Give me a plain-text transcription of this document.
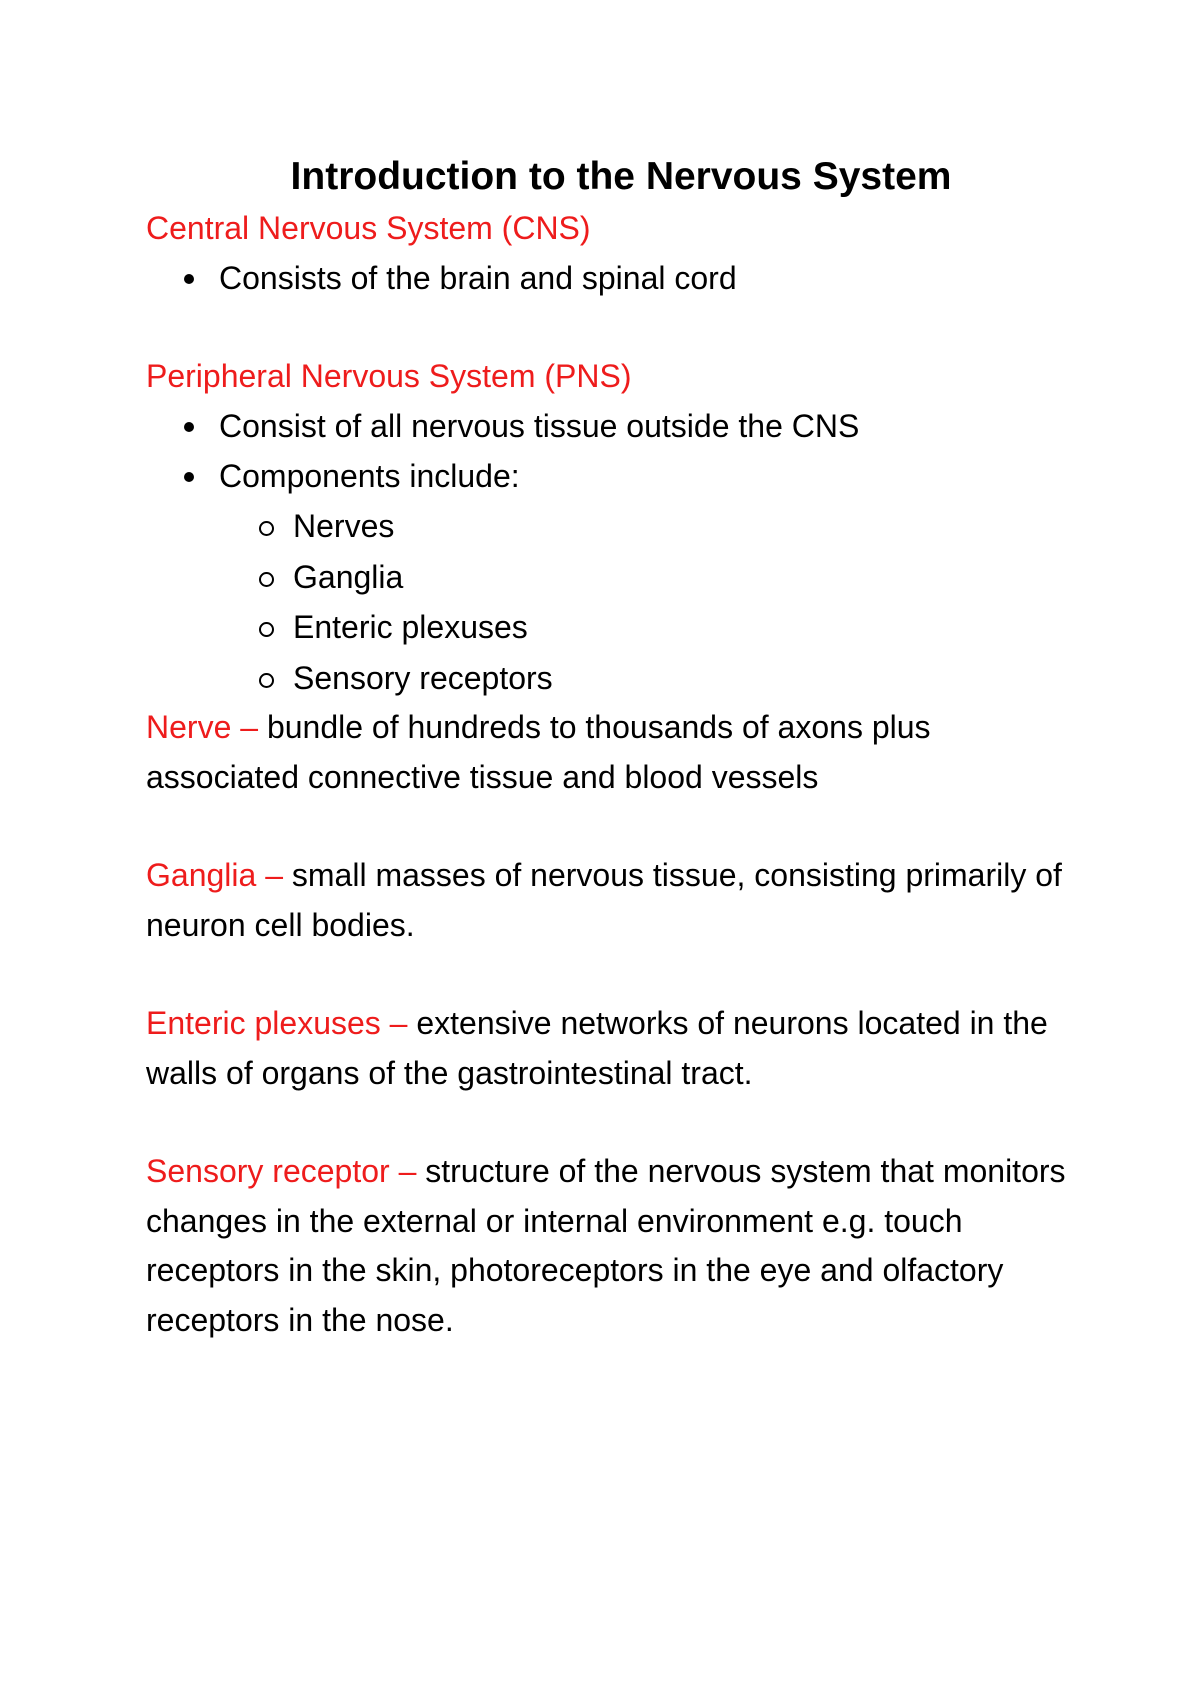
Introduction to the Nervous System

Central Nervous System (CNS)

Consists of the brain and spinal cord

Peripheral Nervous System (PNS)

Consist of all nervous tissue outside the CNS
Components include:
Nerves
Ganglia
Enteric plexuses
Sensory receptors

Nerve – bundle of hundreds to thousands of axons plus associated connective tissue and blood vessels

Ganglia – small masses of nervous tissue, consisting primarily of neuron cell bodies.

Enteric plexuses – extensive networks of neurons located in the walls of organs of the gastrointestinal tract.

Sensory receptor – structure of the nervous system that monitors changes in the external or internal environment e.g. touch receptors in the skin, photoreceptors in the eye and olfactory receptors in the nose.
